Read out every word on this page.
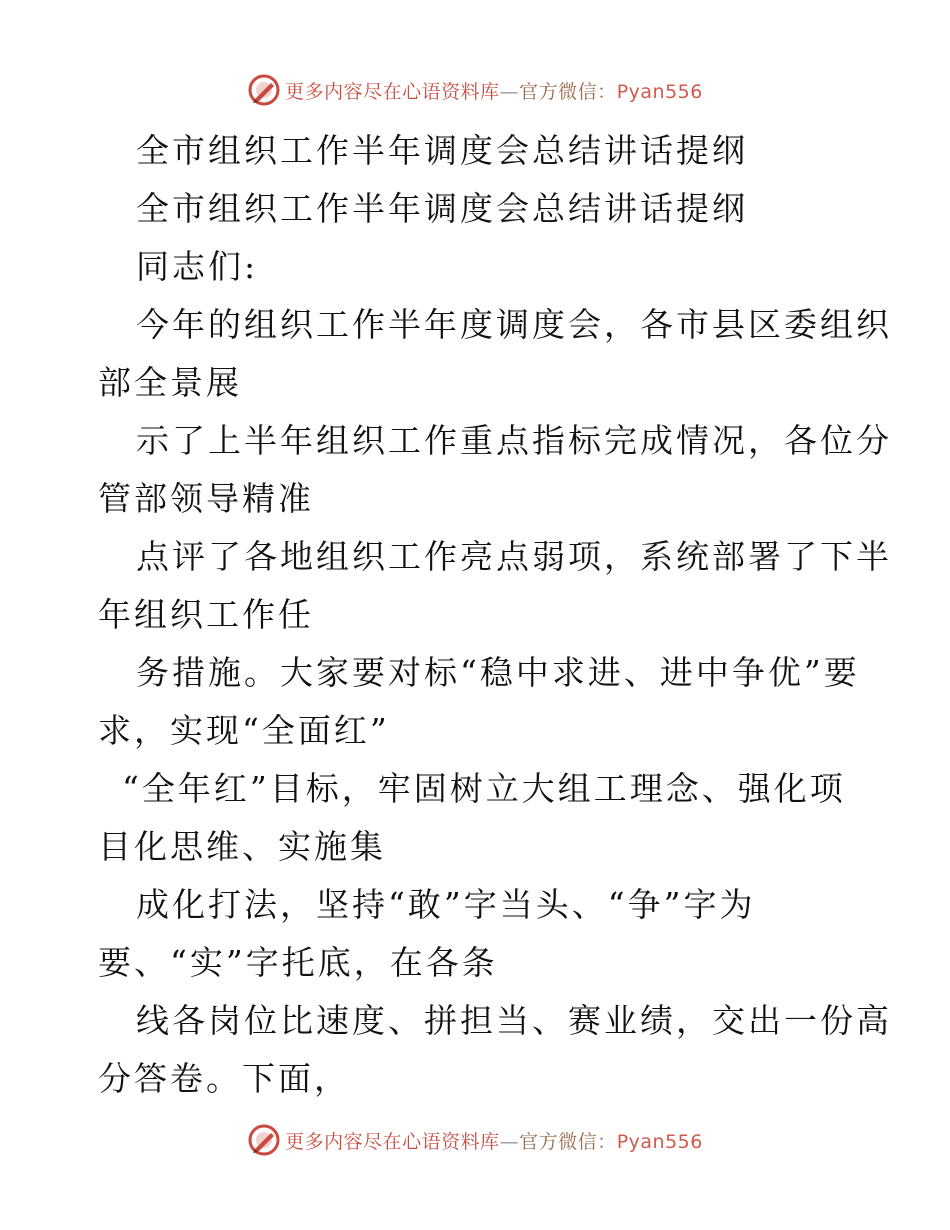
更多内容尽在心语资料库—官方微信：Pyan556
全市组织工作半年调度会总结讲话提纲
全市组织工作半年调度会总结讲话提纲
同志们:
今年的组织工作半年度调度会，各市县区委组织
部全景展
示了上半年组织工作重点指标完成情况，各位分
管部领导精准
点评了各地组织工作亮点弱项，系统部署了下半
年组织工作任
务措施。大家要对标“稳中求进、进中争优”要
求，实现“全面红”
“全年红”目标，牢固树立大组工理念、强化项
目化思维、实施集
成化打法，坚持“敢”字当头、“争”字为
要、“实”字托底，在各条
线各岗位比速度、拼担当、赛业绩，交出一份高
分答卷。下面，
更多内容尽在心语资料库—官方微信：Pyan556
